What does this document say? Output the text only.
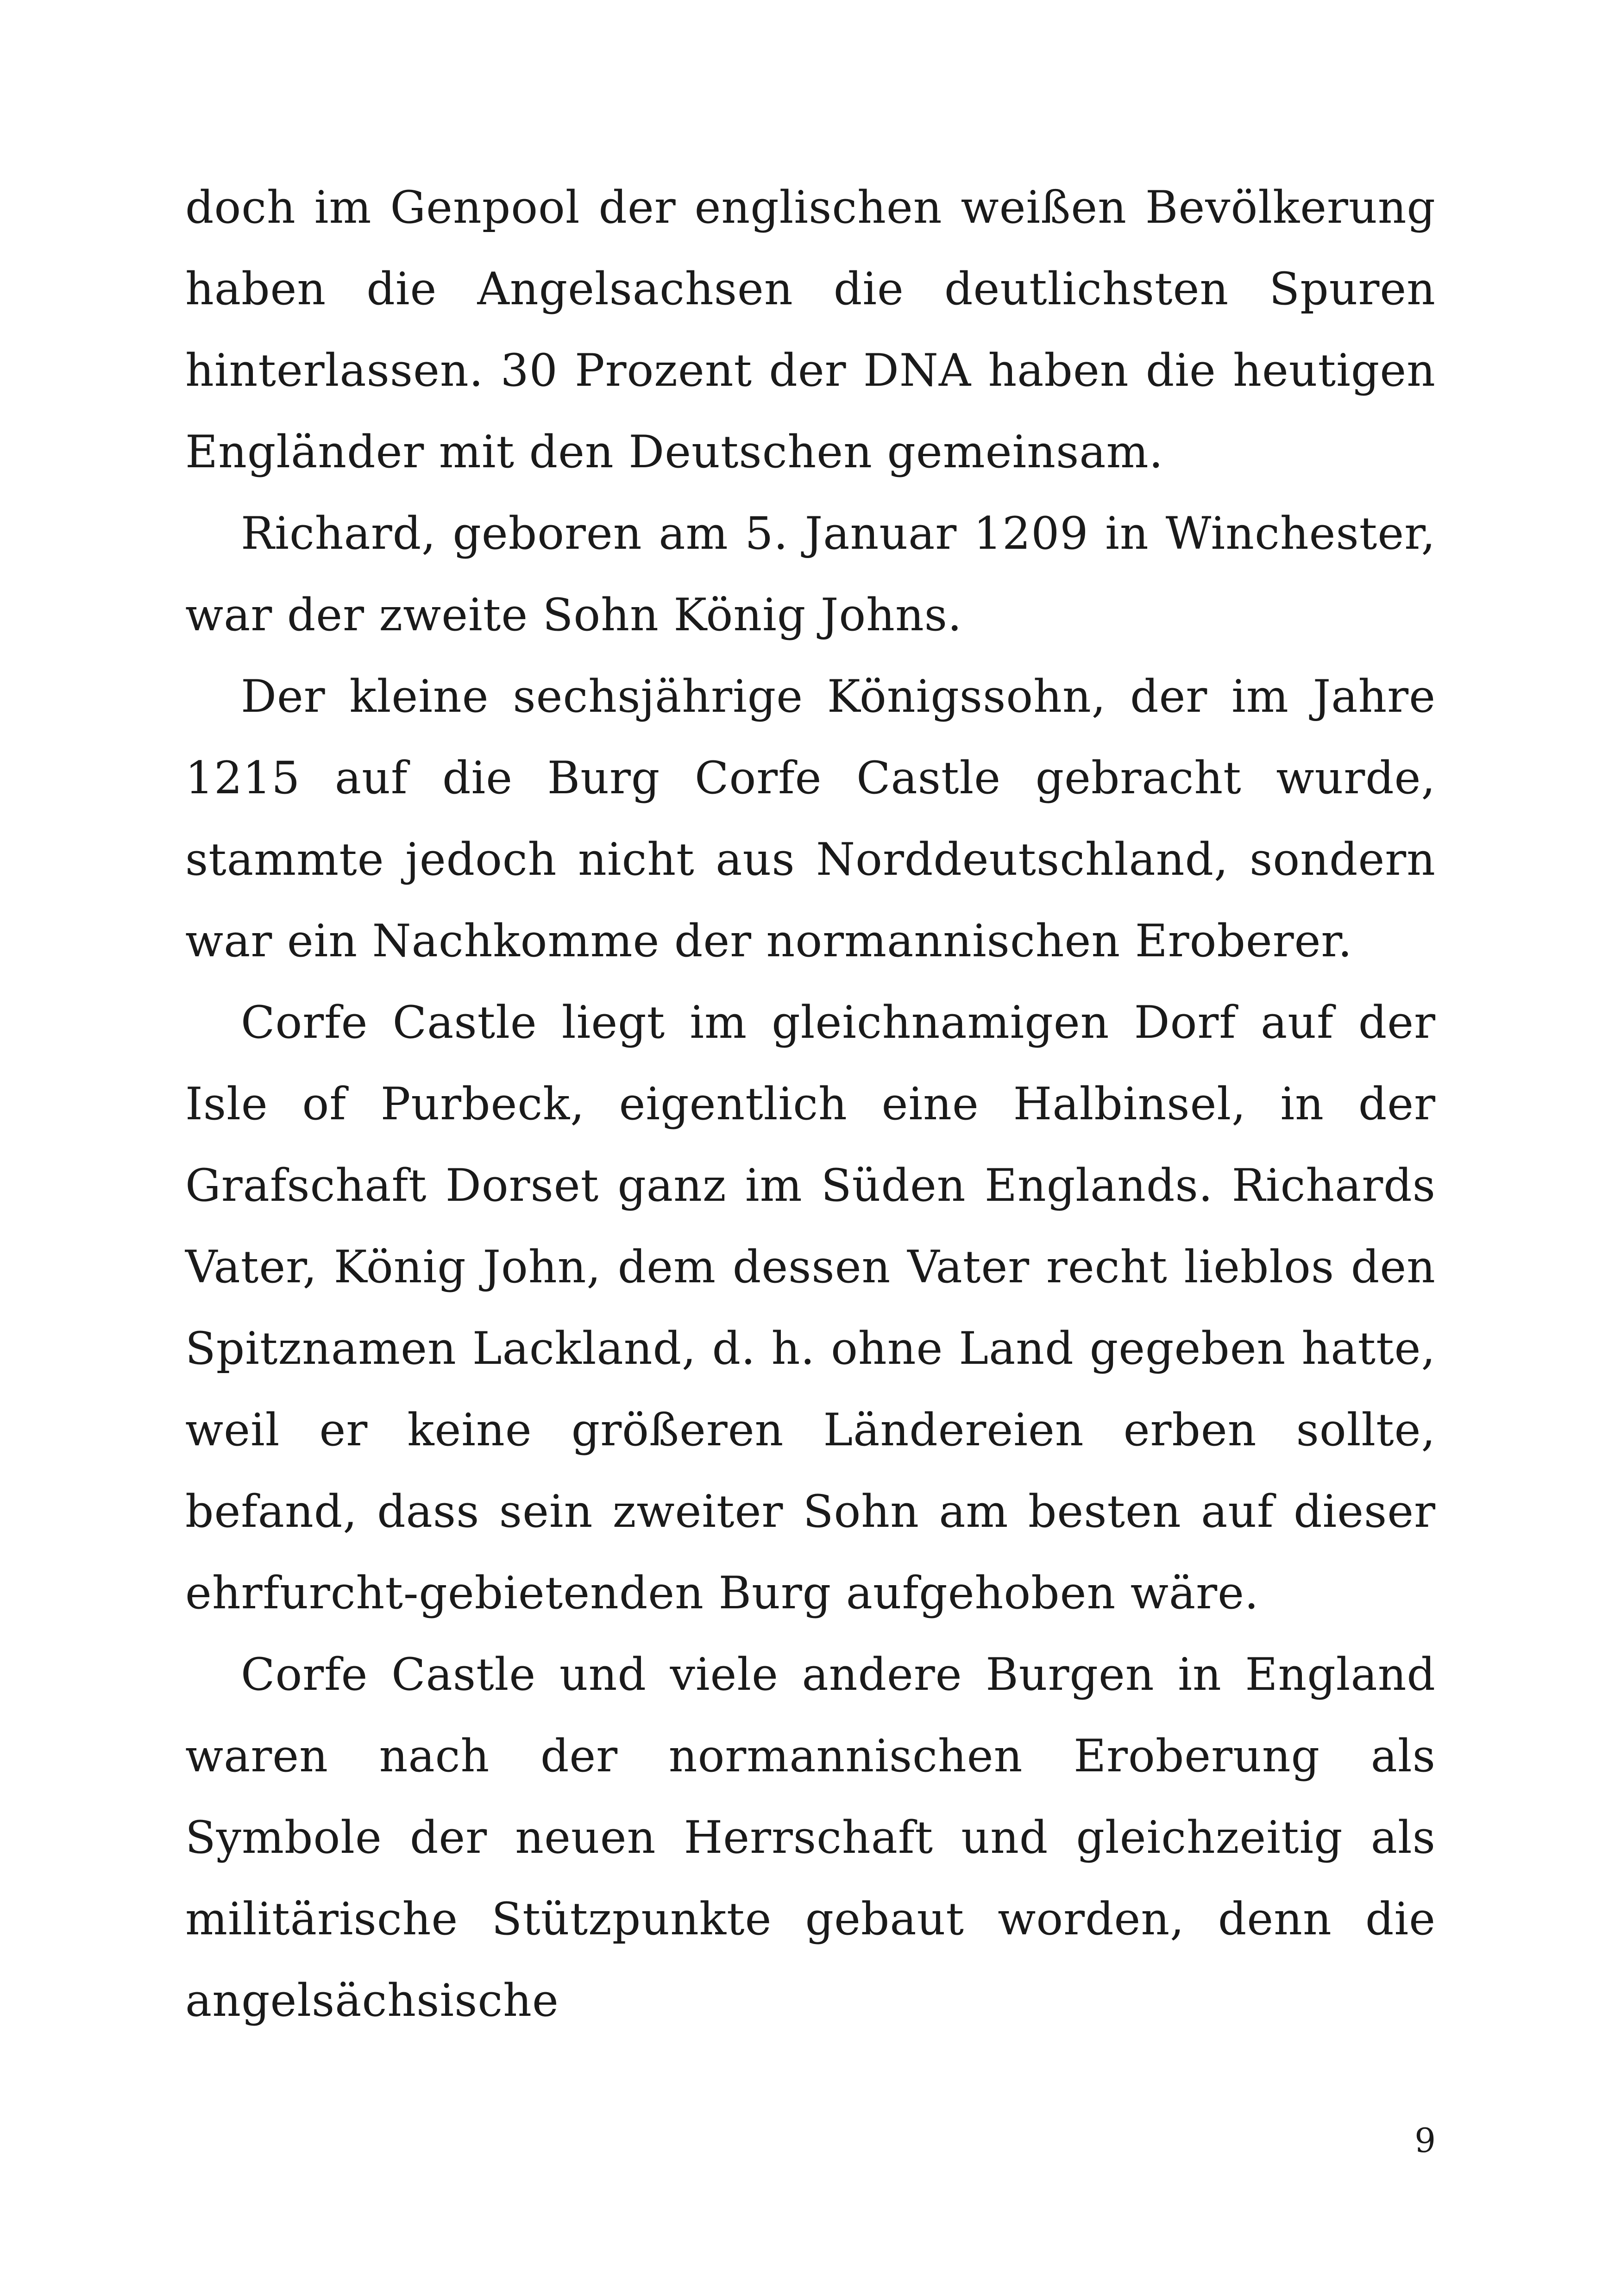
doch im Genpool der englischen weißen Bevölkerung haben die Angelsachsen die deutlichsten Spuren hinterlassen. 30 Prozent der DNA haben die heutigen Engländer mit den Deutschen gemeinsam.

Richard, geboren am 5. Januar 1209 in Winchester, war der zweite Sohn König Johns.

Der kleine sechsjährige Königssohn, der im Jahre 1215 auf die Burg Corfe Castle gebracht wurde, stammte jedoch nicht aus Norddeutschland, sondern war ein Nachkomme der normannischen Eroberer.

Corfe Castle liegt im gleichnamigen Dorf auf der Isle of Purbeck, eigentlich eine Halbinsel, in der Grafschaft Dorset ganz im Süden Englands. Richards Vater, König John, dem dessen Vater recht lieblos den Spitznamen Lackland, d. h. ohne Land gegeben hatte, weil er keine größeren Ländereien erben sollte, befand, dass sein zweiter Sohn am besten auf dieser ehrfurcht-gebietenden Burg aufgehoben wäre.

Corfe Castle und viele andere Burgen in England waren nach der normannischen Eroberung als Symbole der neuen Herrschaft und gleichzeitig als militärische Stützpunkte gebaut worden, denn die angelsächsische

9
